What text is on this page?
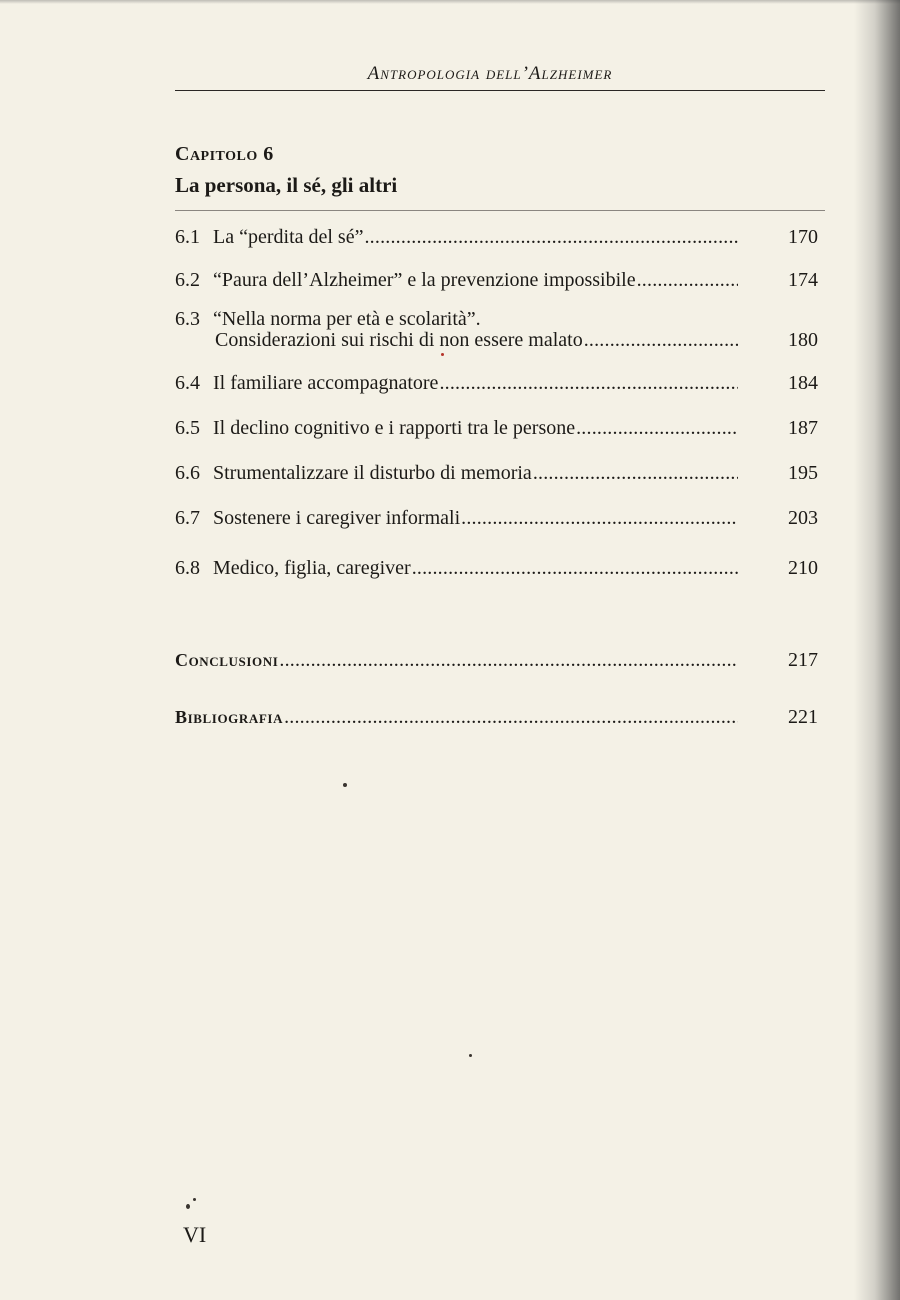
Antropologia dell’Alzheimer
Capitolo 6
La persona, il sé, gli altri
6.1 La “perdita del sé” .....	170
6.2 “Paura dell’Alzheimer” e la prevenzione impossibile .....	174
6.3 “Nella norma per età e scolarità”.
Considerazioni sui rischi di non essere malato .....	180
6.4 Il familiare accompagnatore .....	184
6.5 Il declino cognitivo e i rapporti tra le persone .....	187
6.6 Strumentalizzare il disturbo di memoria .....	195
6.7 Sostenere i caregiver informali .....	203
6.8 Medico, figlia, caregiver .....	210
Conclusioni .....	217
Bibliografia .....	221
VI
